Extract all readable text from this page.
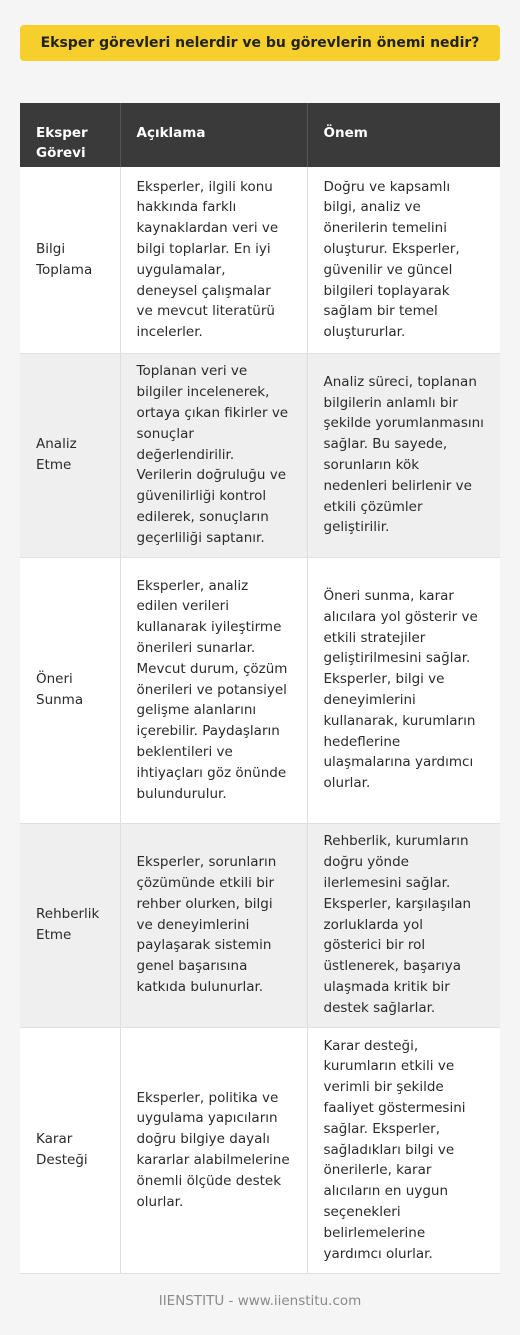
Eksper görevleri nelerdir ve bu görevlerin önemi nedir?
Eksper Görevi	Açıklama	Önem
Bilgi Toplama	Eksperler, ilgili konu hakkında farklı kaynaklardan veri ve bilgi toplarlar. En iyi uygulamalar, deneysel çalışmalar ve mevcut literatürü incelerler.	Doğru ve kapsamlı bilgi, analiz ve önerilerin temelini oluşturur. Eksperler, güvenilir ve güncel bilgileri toplayarak sağlam bir temel oluştururlar.
Analiz Etme	Toplanan veri ve bilgiler incelenerek, ortaya çıkan fikirler ve sonuçlar değerlendirilir. Verilerin doğruluğu ve güvenilirliği kontrol edilerek, sonuçların geçerliliği saptanır.	Analiz süreci, toplanan bilgilerin anlamlı bir şekilde yorumlanmasını sağlar. Bu sayede, sorunların kök nedenleri belirlenir ve etkili çözümler geliştirilir.
Öneri Sunma	Eksperler, analiz edilen verileri kullanarak iyileştirme önerileri sunarlar. Mevcut durum, çözüm önerileri ve potansiyel gelişme alanlarını içerebilir. Paydaşların beklentileri ve ihtiyaçları göz önünde bulundurulur.	Öneri sunma, karar alıcılara yol gösterir ve etkili stratejiler geliştirilmesini sağlar. Eksperler, bilgi ve deneyimlerini kullanarak, kurumların hedeflerine ulaşmalarına yardımcı olurlar.
Rehberlik Etme	Eksperler, sorunların çözümünde etkili bir rehber olurken, bilgi ve deneyimlerini paylaşarak sistemin genel başarısına katkıda bulunurlar.	Rehberlik, kurumların doğru yönde ilerlemesini sağlar. Eksperler, karşılaşılan zorluklarda yol gösterici bir rol üstlenerek, başarıya ulaşmada kritik bir destek sağlarlar.
Karar Desteği	Eksperler, politika ve uygulama yapıcıların doğru bilgiye dayalı kararlar alabilmelerine önemli ölçüde destek olurlar.	Karar desteği, kurumların etkili ve verimli bir şekilde faaliyet göstermesini sağlar. Eksperler, sağladıkları bilgi ve önerilerle, karar alıcıların en uygun seçenekleri belirlemelerine yardımcı olurlar.
IIENSTITU - www.iienstitu.com
